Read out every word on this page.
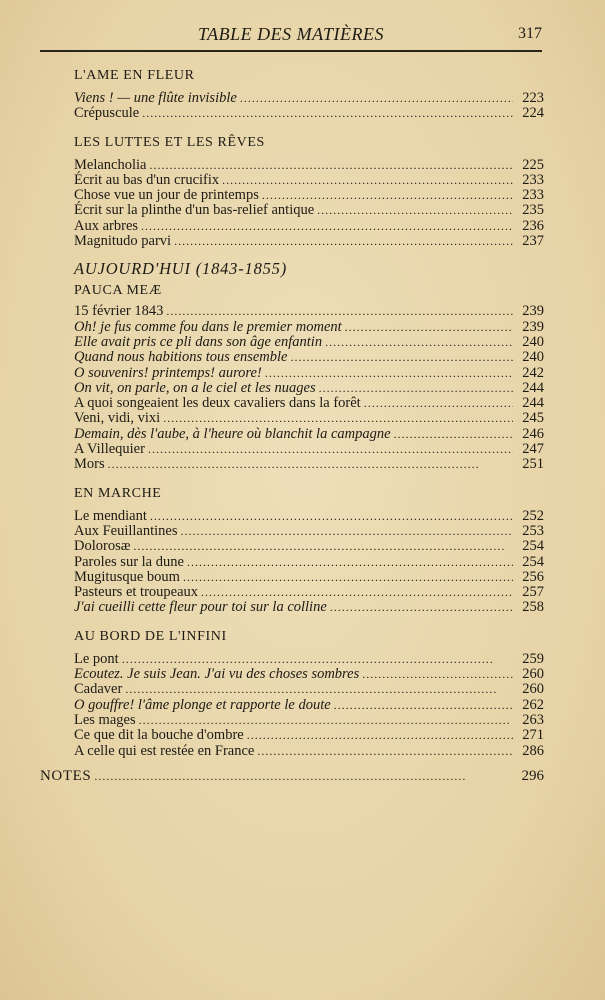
TABLE DES MATIÈRES	317
L'AME EN FLEUR
Viens ! — une flûte invisible . . .	223
Crépuscule . . .	224
LES LUTTES ET LES RÊVES
Melancholia . . .	225
Écrit au bas d'un crucifix . . .	233
Chose vue un jour de printemps . . .	233
Écrit sur la plinthe d'un bas-relief antique . . .	235
Aux arbres . . .	236
Magnitudo parvi . . .	237
AUJOURD'HUI (1843-1855)
PAUCA MEÆ
15 février 1843 . . .	239
Oh! je fus comme fou dans le premier moment . . .	239
Elle avait pris ce pli dans son âge enfantin . . .	240
Quand nous habitions tous ensemble . . .	240
O souvenirs! printemps! aurore! . . .	242
On vit, on parle, on a le ciel et les nuages . . .	244
A quoi songeaient les deux cavaliers dans la forêt . . .	244
Veni, vidi, vixi . . .	245
Demain, dès l'aube, à l'heure où blanchit la campagne . . .	246
A Villequier . . .	247
Mors . . .	251
EN MARCHE
Le mendiant . . .	252
Aux Feuillantines . . .	253
Dolorosæ . . .	254
Paroles sur la dune . . .	254
Mugitusque boum . . .	256
Pasteurs et troupeaux . . .	257
J'ai cueilli cette fleur pour toi sur la colline . . .	258
AU BORD DE L'INFINI
Le pont . . .	259
Ecoutez. Je suis Jean. J'ai vu des choses sombres . . .	260
Cadaver . . .	260
O gouffre! l'âme plonge et rapporte le doute . . .	262
Les mages . . .	263
Ce que dit la bouche d'ombre . . .	271
A celle qui est restée en France . . .	286
NOTES . . .	296
